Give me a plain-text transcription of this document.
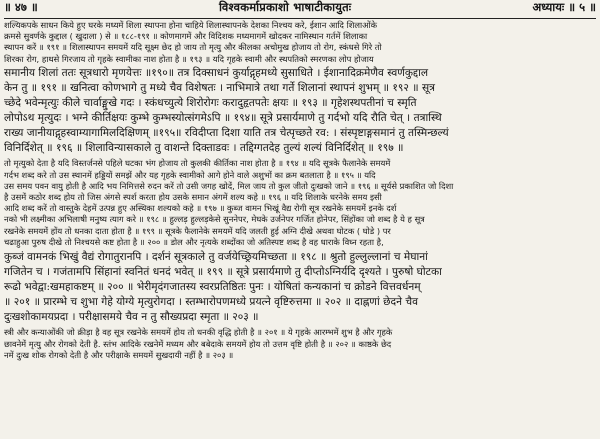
॥ ४७ ॥	विश्वकर्माप्रकाशो भाषाटीकायुतः	अध्यायः ॥ ५ ॥

शल्यिकपके साधन किये हुए घरके मध्यमें शिला स्थापना होना चाहिये शिलास्थापनके देशका निश्चय करे, ईशान आदि शिलाओंके

क्रमसे सुवर्णके कुद्दाल ( खुदाला ) से ॥ १८८-१९१ ॥ कोणमागमें और विदिशक मध्यमागमें खोदकर नामिस्थान गर्तमें शिलाका

स्थापन करें ॥ १९१ ॥ शिलास्थापन समयमें यदि सूक्ष्म छेद हो जाय तो मृत्यु और कीलका अचोमुख होजाय तो रोग, स्कंधसे गिरे तो

शिरका रोग, हाथसे गिरजाय तो गृहके स्वामीका नाश होता है ॥ १९३ ॥ यदि गृहके स्वामी और स्थपतिको स्मरणका लोप होजाय

समानीय शिलां ततः सूत्रधारो मृणयेत्तः ॥१९०॥ तत्र दिक्साधनं कुर्याद्गृहमध्ये सुसाधिते । ईशानादिक्रमेणैव स्वर्णकुद्दाल

केन तु ॥ १९१ ॥ खनित्वा कोणभागे तु मध्ये चैव विशेषतः । नाभिमात्रे तथा गर्ते शिलानां स्थापनं शुभम् ॥ १९२ ॥ सूत्र

च्छेदे भवेन्मृत्युः कीले चार्वाङ्मुखे गदः । स्कंधच्युत्ये शिरोरोगः करादुहृतपतेः क्षयः ॥ १९३ ॥ गृहेशस्थपतीनां च स्मृति

लोपोऽथ मृत्युदः । भग्ने कीर्तिक्षयः कुम्भे कुम्भस्योत्संगमेऽपि ॥ १९४॥ सूत्रे प्रसार्यमाणे तु गर्दभो यदि रौति चेत् । तत्रास्थि

राख्य जानीयाद्गृहस्वाम्यागामिलदिक्षिणम् ॥१९५॥ रविदीप्ता दिशा याति तत्र चेत्पृच्छते रव: । संस्पृष्टाङ्गसमानं तु तस्मिन्छल्यं

विनिर्दिशेत् ॥ १९६ ॥ शिलाविन्यासकाले तु वाशन्ते दिक्ताडवः । तद्दिग्गतदेह तुल्यं शल्यं विनिर्दिशेत् ॥ १९७ ॥

तो मृत्युको देता है यदि विस्तर्जनसे पहिले घटका भंग होजाय तो कुलकी कीर्तिका नाश होता है ॥ १९४ ॥ यदि सूत्रके फैलानेके समयमें

गर्दभ शब्द करे तो उस स्थानमें हड्डियों समझें और यह गृहके स्वामीको आगे होने वाले अशुभों का क्रम बतलाता है ॥ १९५ ॥ यदि

उस समय पवन वायु होती है आदि भय निमित्तसे रुदन करें तो उसी जगह खोदें, मिल जाय तो कुल जीतो दुःखको जाने ॥ १९६ ॥ सूर्यसे प्रकाशित जो दिशा

है उसमें कठोर शब्द होय तो जिस अंगसे स्पर्श करता होय उसके समान अंगमें शल्य कहे ॥ १९६ ॥ यदि शिलाके धरनेके समय इसी

आदि शब्द करें तो वास्तुके देहमें उत्पन्न हुए अस्थिका शल्यको कहे ॥ १९७ ॥ कुब्ज वामन भिखूं वैद्य रोगी सूत्र रखनेके समयमें इनके दर्श

नको भी लक्ष्मीका अभिलाषी मनुष्य त्याग करे ॥ १९८ ॥ हुल्लड़ हुल्लड़केसे सुननेपर, मेघके उर्जनेपर गर्जित होनेपर, सिंहोंका जो शब्द है ये ह सूत्र

रखनेके समयमें होंय तो धनका दाता होता है ॥ १९९ ॥ सूत्रके फैलानेके समयमें यदि जलती हुई अग्नि दीखे अथवा घोटक ( घोडे ) पर

चढाहुआ पुरुष दीखे तो निश्चयसे कष्ट होता है ॥ २०० ॥ डोल और नृत्यके शब्दोंका जो अतिस्पष्ट शब्द है वह धाराके विघ्न रहता है,

कुब्जं वामनकं भिखुं वैद्यं रोगातुरानपि । दर्शनं सूत्रकाले तु वर्जयेच्छ्रियमिच्छता ॥ १९८ ॥ श्रुतो हुल्लुल्लानां च मेघानां

गजितेन च । गजंतामपि सिंहानां स्वनितं धनदं भवेत् ॥ १९९ ॥ सूत्रे प्रसार्यमाणे तु दीप्तोऽग्निर्यदि दृश्यते । पुरुषो घोटका

रूढो भवेद्वा:खमहाकष्टम् ॥ २०० ॥ भेरीमृदंगजातस्य स्वरप्रतिष्ठितः पुनः । योषितां कन्यकानां च क्रोडने वित्तवर्धनम्

॥ २०१ ॥ प्रारम्भे च शुभा गेहे योग्ये मृत्युरोगदा । स्तम्भारोपणमध्ये प्रयत्ने वृष्टिरुत्तमा ॥ २०२ ॥ दाह्नणां छेदने चैव

दुःखशोकामयप्रदा । परीक्षासमये चैव न तु सौख्यप्रदा स्मृता ॥ २०३ ॥

स्त्री और कन्याओंकी जो क्रीड़ा है वह सूत्र रखनेके समयमें होय तो धनकी वृद्धि होती है ॥ २०१ ॥ ये गृहके आरम्भमें शुभ है और गृहके

छावनेमें मृत्यु और रोगको देती है. स्तंभ आदिके रखनेमें मध्यम और बबेदाके समयमें होय तो उत्तम वृष्टि होती है ॥ २०२ ॥ काष्ठके छेद

नमें दुःख शोक रोगको देती है और परीक्षाके समयमें सुखदायी नहीं है ॥ २०३ ॥
